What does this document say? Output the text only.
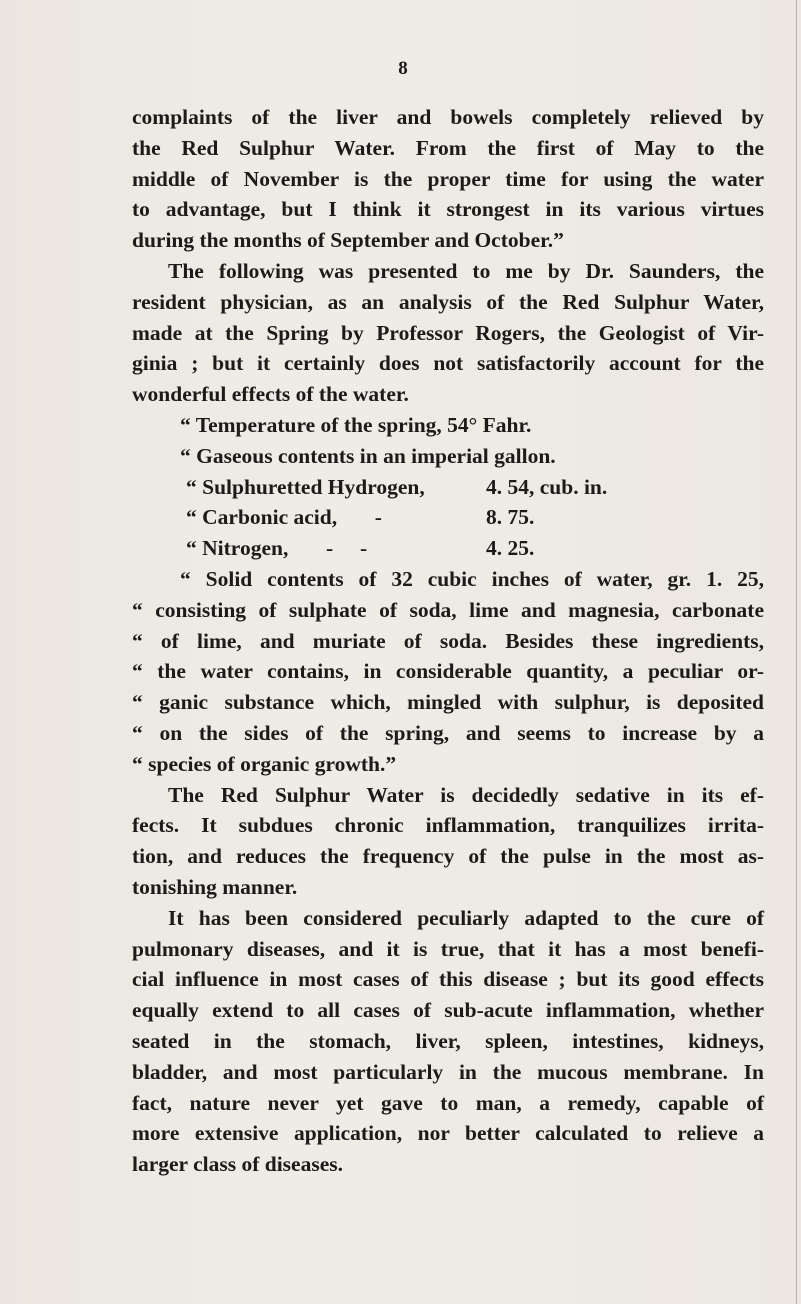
8
complaints of the liver and bowels completely relieved by
the Red Sulphur Water. From the first of May to the
middle of November is the proper time for using the water
to advantage, but I think it strongest in its various virtues
during the months of September and October.”
The following was presented to me by Dr. Saunders, the
resident physician, as an analysis of the Red Sulphur Water,
made at the Spring by Professor Rogers, the Geologist of Vir-
ginia ; but it certainly does not satisfactorily account for the
wonderful effects of the water.
“ Temperature of the spring, 54° Fahr.
“ Gaseous contents in an imperial gallon.
“ Sulphuretted Hydrogen,	4. 54, cub. in.
“ Carbonic acid,       -	8. 75.
“ Nitrogen,       -     -	4. 25.
“ Solid contents of 32 cubic inches of water, gr. 1. 25,
“ consisting of sulphate of soda, lime and magnesia, carbonate
“ of lime, and muriate of soda. Besides these ingredients,
“ the water contains, in considerable quantity, a peculiar or-
“ ganic substance which, mingled with sulphur, is deposited
“ on the sides of the spring, and seems to increase by a
“ species of organic growth.”
The Red Sulphur Water is decidedly sedative in its ef-
fects. It subdues chronic inflammation, tranquilizes irrita-
tion, and reduces the frequency of the pulse in the most as-
tonishing manner.
It has been considered peculiarly adapted to the cure of
pulmonary diseases, and it is true, that it has a most benefi-
cial influence in most cases of this disease ; but its good effects
equally extend to all cases of sub-acute inflammation, whether
seated in the stomach, liver, spleen, intestines, kidneys,
bladder, and most particularly in the mucous membrane. In
fact, nature never yet gave to man, a remedy, capable of
more extensive application, nor better calculated to relieve a
larger class of diseases.
